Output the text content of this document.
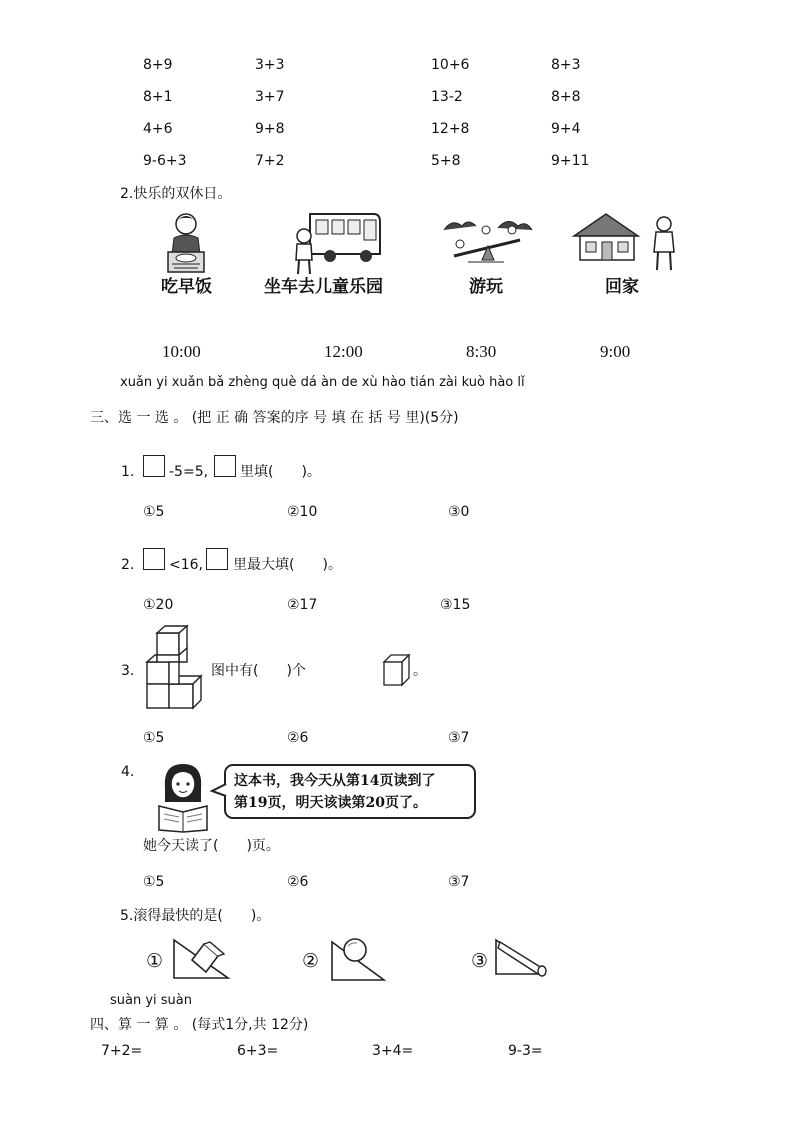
8+9	3+3	10+6	8+3
8+1	3+7	13-2	8+8
4+6	9+8	12+8	9+4
9-6+3	7+2	5+8	9+11
2.快乐的双休日。
吃早饭	坐车去儿童乐园	游玩	回家
10:00	12:00	8:30	9:00
xuǎn yi xuǎn bǎ zhèng què dá àn de xù hào tián zài kuò hào lǐ
三、选 一 选 。 (把 正 确 答案的序 号 填 在 括 号 里)(5分)
1. -5=5, 里填(　　)。
①5	②10	③0
2. <16, 里最大填(　　)。
①20	②17	③15
3.	图中有(　　)个	。
①5	②6	③7
4.
这本书，我今天从第14页读到了
第19页，明天该读第20页了。
她今天读了(　　)页。
①5	②6	③7
5.滚得最快的是(　　)。
①	②	③
suàn yi suàn
四、算 一 算 。 (每式1分,共 12分)
7+2=	6+3=	3+4=	9-3=
